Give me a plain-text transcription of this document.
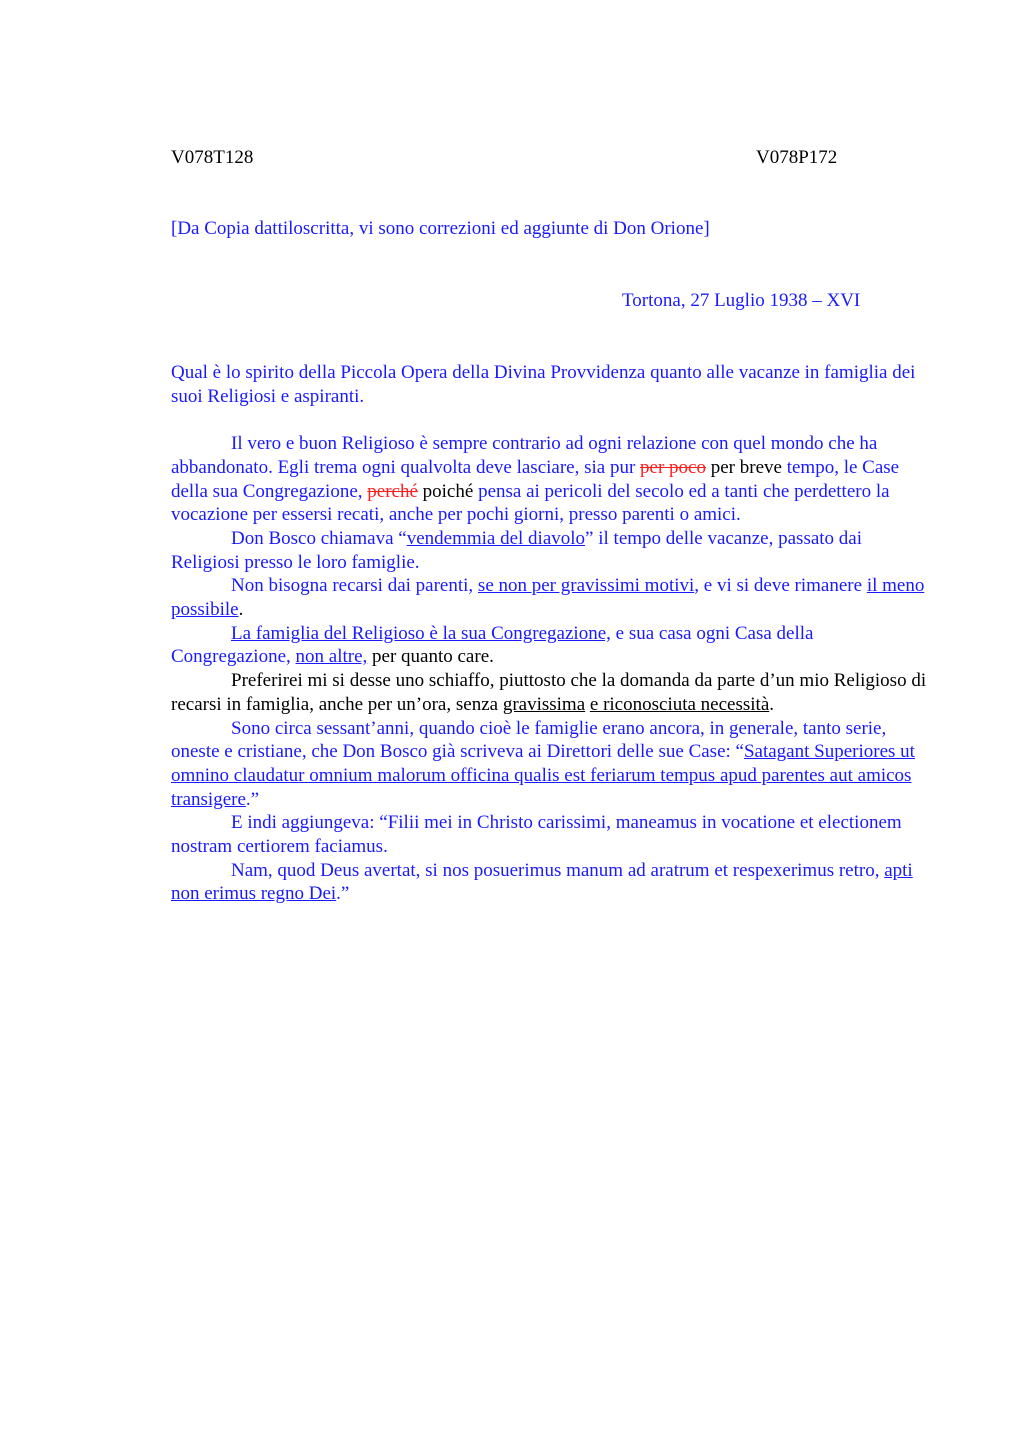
V078T128	V078P172

[Da Copia dattiloscritta, vi sono correzioni ed aggiunte di Don Orione]

Tortona, 27 Luglio 1938 – XVI

Qual è lo spirito della Piccola Opera della Divina Provvidenza quanto alle vacanze in famiglia dei suoi Religiosi e aspiranti.

Il vero e buon Religioso è sempre contrario ad ogni relazione con quel mondo che ha abbandonato. Egli trema ogni qualvolta deve lasciare, sia pur per poco per breve tempo, le Case della sua Congregazione, perché poiché pensa ai pericoli del secolo ed a tanti che perdettero la vocazione per essersi recati, anche per pochi giorni, presso parenti o amici.

Don Bosco chiamava “vendemmia del diavolo” il tempo delle vacanze, passato dai Religiosi presso le loro famiglie.

Non bisogna recarsi dai parenti, se non per gravissimi motivi, e vi si deve rimanere il meno possibile.

La famiglia del Religioso è la sua Congregazione, e sua casa ogni Casa della Congregazione, non altre, per quanto care.

Preferirei mi si desse uno schiaffo, piuttosto che la domanda da parte d’un mio Religioso di recarsi in famiglia, anche per un’ora, senza gravissima e riconosciuta necessità.

Sono circa sessant’anni, quando cioè le famiglie erano ancora, in generale, tanto serie, oneste e cristiane, che Don Bosco già scriveva ai Direttori delle sue Case: “Satagant Superiores ut omnino claudatur omnium malorum officina qualis est feriarum tempus apud parentes aut amicos transigere.”

E indi aggiungeva: “Filii mei in Christo carissimi, maneamus in vocatione et electionem nostram certiorem faciamus.

Nam, quod Deus avertat, si nos posuerimus manum ad aratrum et respexerimus retro, apti non erimus regno Dei.”
